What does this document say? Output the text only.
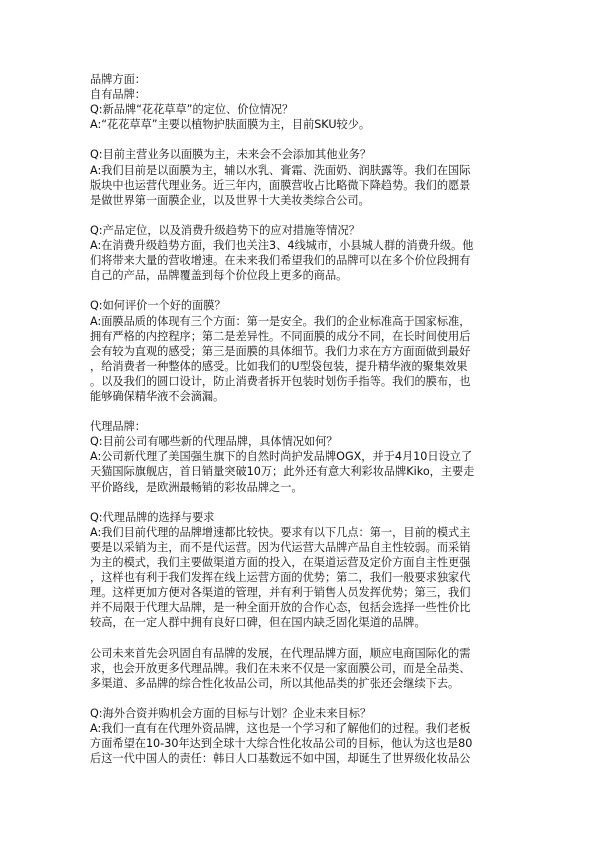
品牌方面：
自有品牌：
Q:新品牌“花花草草”的定位、价位情况？
A:“花花草草”主要以植物护肤面膜为主，目前SKU较少。
Q:目前主营业务以面膜为主，未来会不会添加其他业务？
A:我们目前是以面膜为主，辅以水乳、膏霜、洗面奶、润肤露等。我们在国际
版块中也运营代理业务。近三年内，面膜营收占比略微下降趋势。我们的愿景
是做世界第一面膜企业，以及世界十大美妆类综合公司。
Q:产品定位，以及消费升级趋势下的应对措施等情况？
A:在消费升级趋势方面，我们也关注3、4线城市，小县城人群的消费升级。他
们将带来大量的营收增速。在未来我们希望我们的品牌可以在多个价位段拥有
自己的产品，品牌覆盖到每个价位段上更多的商品。
Q:如何评价一个好的面膜？
A:面膜品质的体现有三个方面：第一是安全。我们的企业标准高于国家标准，
拥有严格的内控程序；第二是差异性。不同面膜的成分不同，在长时间使用后
会有较为直观的感受；第三是面膜的具体细节。我们力求在方方面面做到最好
，给消费者一种整体的感受。比如我们的U型袋包装，提升精华液的聚集效果
。以及我们的圆口设计，防止消费者拆开包装时划伤手指等。我们的膜布，也
能够确保精华液不会滴漏。
代理品牌：
Q:目前公司有哪些新的代理品牌，具体情况如何？
A:公司新代理了美国强生旗下的自然时尚护发品牌OGX，并于4月10日设立了
天猫国际旗舰店，首日销量突破10万；此外还有意大利彩妆品牌Kiko，主要走
平价路线，是欧洲最畅销的彩妆品牌之一。
Q:代理品牌的选择与要求
A:我们目前代理的品牌增速都比较快。要求有以下几点：第一，目前的模式主
要是以采销为主，而不是代运营。因为代运营大品牌产品自主性较弱。而采销
为主的模式，我们主要做渠道方面的投入，在渠道运营及定价方面自主性更强
，这样也有利于我们发挥在线上运营方面的优势；第二，我们一般要求独家代
理。这样更加方便对各渠道的管理，并有利于销售人员发挥优势；第三，我们
并不局限于代理大品牌，是一种全面开放的合作心态，包括会选择一些性价比
较高，在一定人群中拥有良好口碑，但在国内缺乏固化渠道的品牌。
公司未来首先会巩固自有品牌的发展，在代理品牌方面，顺应电商国际化的需
求，也会开放更多代理品牌。我们在未来不仅是一家面膜公司，而是全品类、
多渠道、多品牌的综合性化妆品公司，所以其他品类的扩张还会继续下去。
Q:海外合资并购机会方面的目标与计划？企业未来目标？
A:我们一直有在代理外资品牌，这也是一个学习和了解他们的过程。我们老板
方面希望在10-30年达到全球十大综合性化妆品公司的目标，他认为这也是80
后这一代中国人的责任：韩日人口基数远不如中国，却诞生了世界级化妆品公
